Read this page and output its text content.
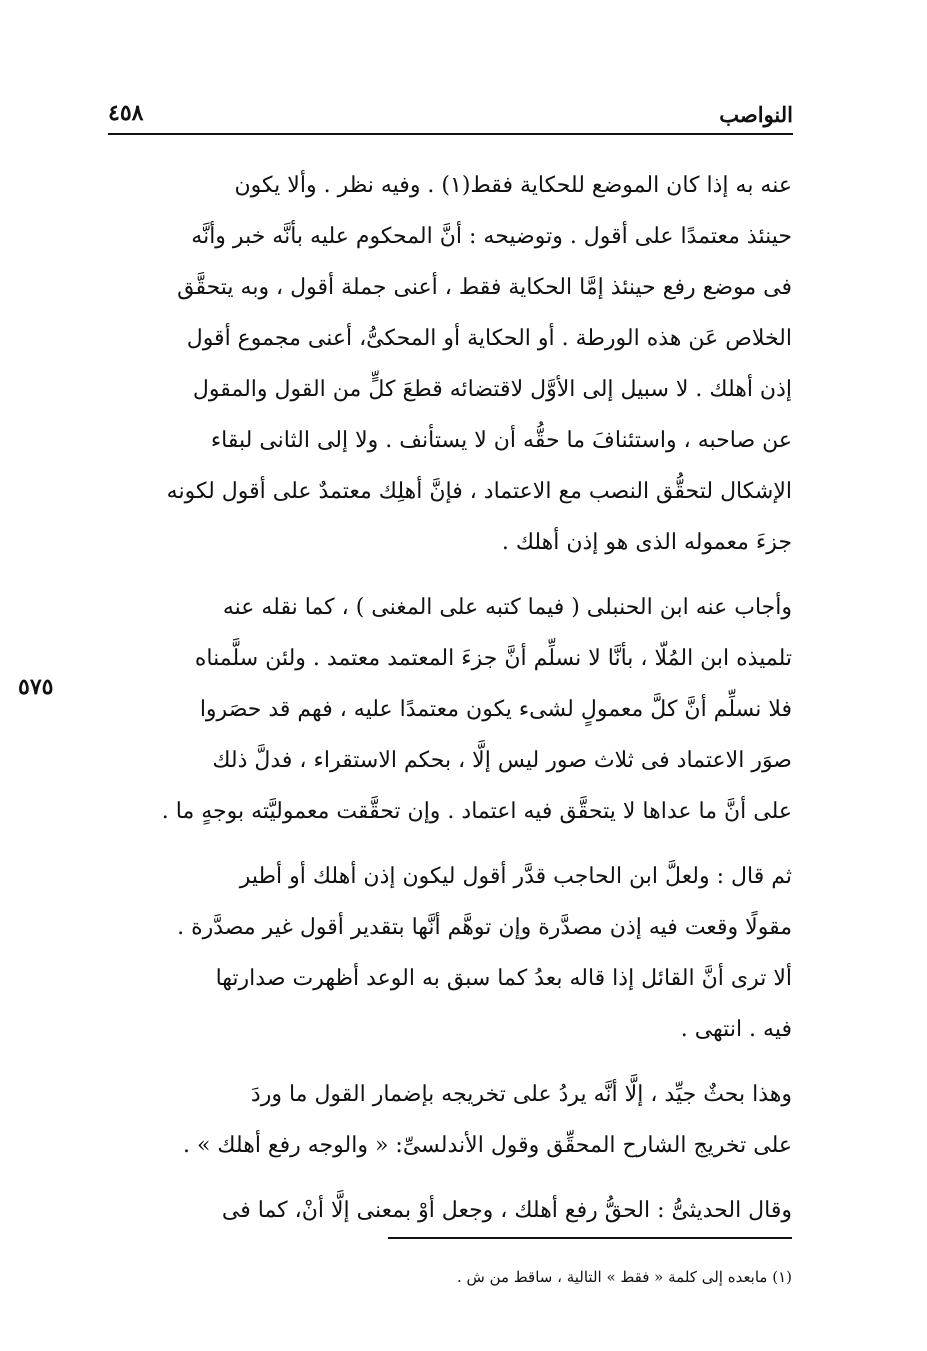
النواصب
٤٥٨
٥٧٥
عنه به إذا كان الموضع للحكاية فقط(١) . وفيه نظر . وألا يكون
حينئذ معتمدًا على أقول . وتوضيحه : أنَّ المحكوم عليه بأنَّه خبر وأنَّه
فى موضع رفع حينئذ إمَّا الحكاية فقط ، أعنى جملة أقول ، وبه يتحقَّق
الخلاص عَن هذه الورطة . أو الحكاية أو المحكىُّ، أعنى مجموع أقول
إذن أهلك . لا سبيل إلى الأوَّل لاقتضائه قطعَ كلٍّ من القول والمقول
عن صاحبه ، واستئنافَ ما حقُّه أن لا يستأنف . ولا إلى الثانى لبقاء
الإشكال لتحقُّق النصب مع الاعتماد ، فإنَّ أهلِك معتمدٌ على أقول لكونه
جزءَ معموله الذى هو إذن أهلك .
وأجاب عنه ابن الحنبلى ( فيما كتبه على المغنى ) ، كما نقله عنه
تلميذه ابن المُلّا ، بأنَّا لا نسلِّم أنَّ جزءَ المعتمد معتمد . ولئن سلَّمناه
فلا نسلِّم أنَّ كلَّ معمولٍ لشىء يكون معتمدًا عليه ، فهم قد حصَروا
صوَر الاعتماد فى ثلاث صور ليس إلَّا ، بحكم الاستقراء ، فدلَّ ذلك
على أنَّ ما عداها لا يتحقَّق فيه اعتماد . وإن تحقَّقت معموليَّته بوجهٍ ما .
ثم قال : ولعلَّ ابن الحاجب قدَّر أقول ليكون إذن أهلك أو أطير
مقولًا وقعت فيه إذن مصدَّرة وإن توهَّم أنَّها بتقدير أقول غير مصدَّرة .
ألا ترى أنَّ القائل إذا قاله بعدُ كما سبق به الوعد أظهرت صدارتها
فيه . انتهى .
وهذا بحثٌ جيِّد ، إلَّا أنَّه يردُ على تخريجه بإضمار القول ما وردَ
على تخريج الشارح المحقِّق وقول الأندلسىِّ: « والوجه رفع أهلك » .
وقال الحديثىُّ : الحقُّ رفع أهلك ، وجعل أوْ بمعنى إلَّا أنْ، كما فى
(١) مابعده إلى كلمة « فقط » التالية ، ساقط من ش .
